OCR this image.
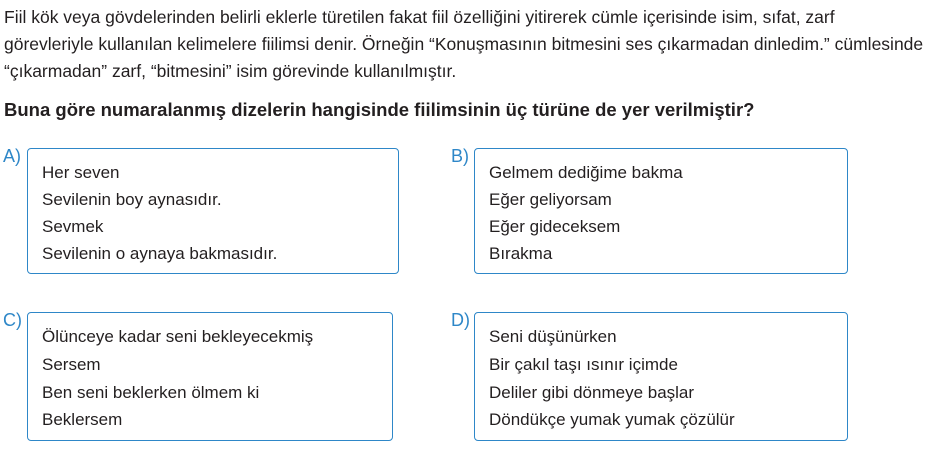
Fiil kök veya gövdelerinden belirli eklerle türetilen fakat fiil özelliğini yitirerek cümle içerisinde isim, sıfat, zarf görevleriyle kullanılan kelimelere fiilimsi denir. Örneğin “Konuşmasının bitmesini ses çıkarmadan dinledim.” cümlesinde “çıkarmadan” zarf, “bitmesini” isim görevinde kullanılmıştır.

Buna göre numaralanmış dizelerin hangisinde fiilimsinin üç türüne de yer verilmiştir?

A)
Her seven
Sevilenin boy aynasıdır.
Sevmek
Sevilenin o aynaya bakmasıdır.
B)
Gelmem dediğime bakma
Eğer geliyorsam
Eğer gideceksem
Bırakma
C)
Ölünceye kadar seni bekleyecekmiş
Sersem
Ben seni beklerken ölmem ki
Beklersem
D)
Seni düşünürken
Bir çakıl taşı ısınır içimde
Deliler gibi dönmeye başlar
Döndükçe yumak yumak çözülür
